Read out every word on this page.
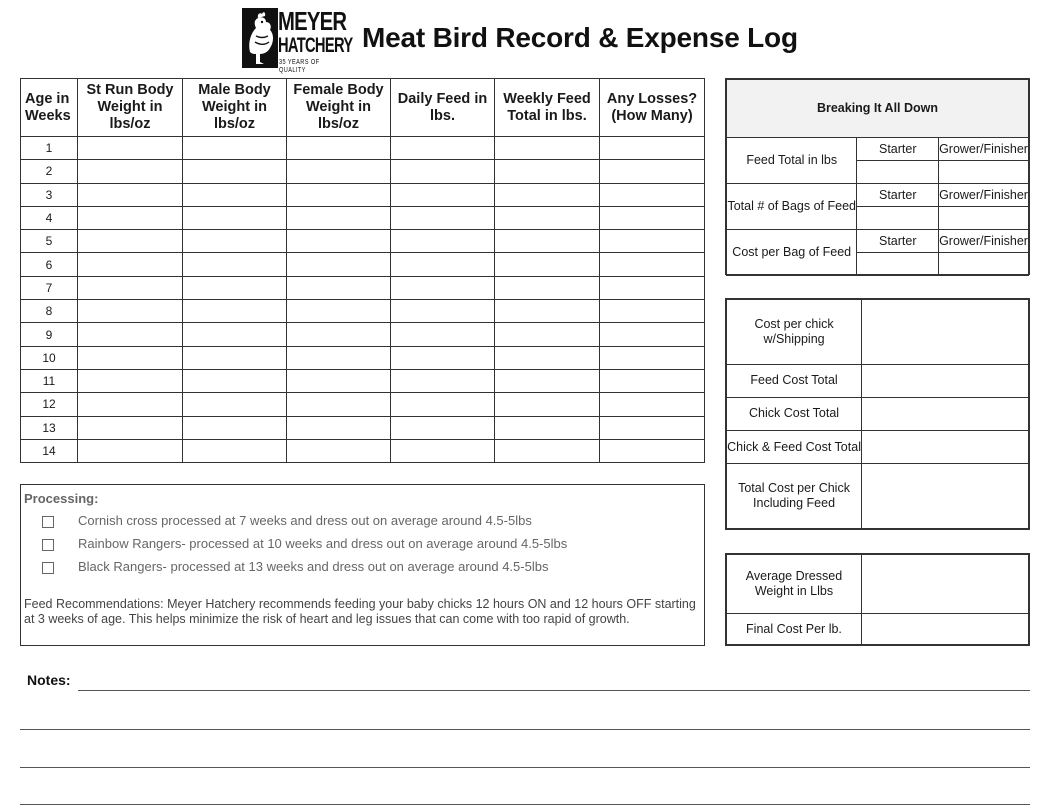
MEYER
HATCHERY
35 YEARS OF QUALITY
Meat Bird Record & Expense Log
Age in Weeks	St Run Body Weight in lbs/oz	Male Body Weight in lbs/oz	Female Body Weight in lbs/oz	Daily Feed in lbs.	Weekly Feed Total in lbs.	Any Losses? (How Many)
1						
2						
3						
4						
5						
6						
7						
8						
9						
10						
11						
12						
13						
14						
Breaking It All Down		
Feed Total in lbs	Starter	Grower/Finisher

Total # of Bags of Feed	Starter	Grower/Finisher

Cost per Bag of Feed	Starter	Grower/Finisher

Cost per chick w/Shipping	
Feed Cost Total	
Chick Cost Total	
Chick & Feed Cost Total	
Total Cost per Chick Including Feed	
Average Dressed Weight in Llbs	
Final Cost Per lb.	
Processing:
Cornish cross processed at 7 weeks and dress out on average around 4.5-5lbs
Rainbow Rangers- processed at 10 weeks and dress out on average around 4.5-5lbs
Black Rangers- processed at 13 weeks and dress out on average around 4.5-5lbs
Feed Recommendations: Meyer Hatchery recommends feeding your baby chicks 12 hours ON and 12 hours OFF starting at 3 weeks of age. This helps minimize the risk of heart and leg issues that can come with too rapid of growth.
Notes:
